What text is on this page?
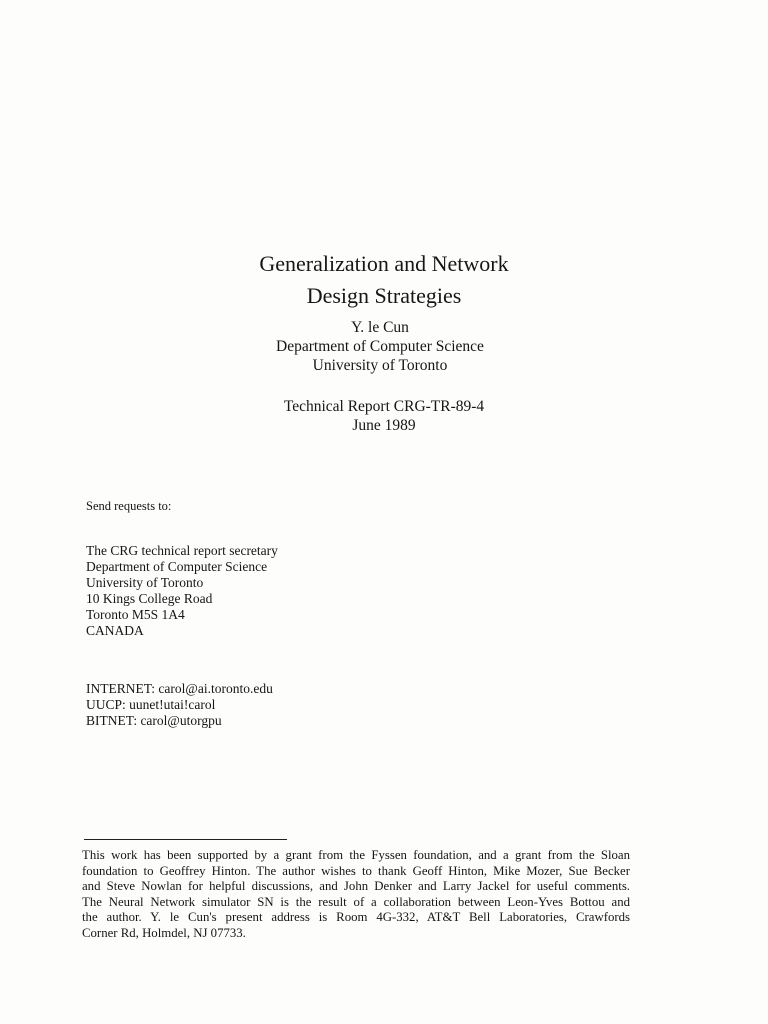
Generalization and Network
Design Strategies
Y. le Cun
Department of Computer Science
University of Toronto
Technical Report CRG-TR-89-4
June 1989
Send requests to:
The CRG technical report secretary
Department of Computer Science
University of Toronto
10 Kings College Road
Toronto M5S 1A4
CANADA
INTERNET: carol@ai.toronto.edu
UUCP: uunet!utai!carol
BITNET: carol@utorgpu
This work has been supported by a grant from the Fyssen foundation, and a grant from the Sloan
foundation to Geoffrey Hinton. The author wishes to thank Geoff Hinton, Mike Mozer, Sue Becker
and Steve Nowlan for helpful discussions, and John Denker and Larry Jackel for useful comments.
The Neural Network simulator SN is the result of a collaboration between Leon-Yves Bottou and
the author. Y. le Cun's present address is Room 4G-332, AT&T Bell Laboratories, Crawfords
Corner Rd, Holmdel, NJ 07733.
